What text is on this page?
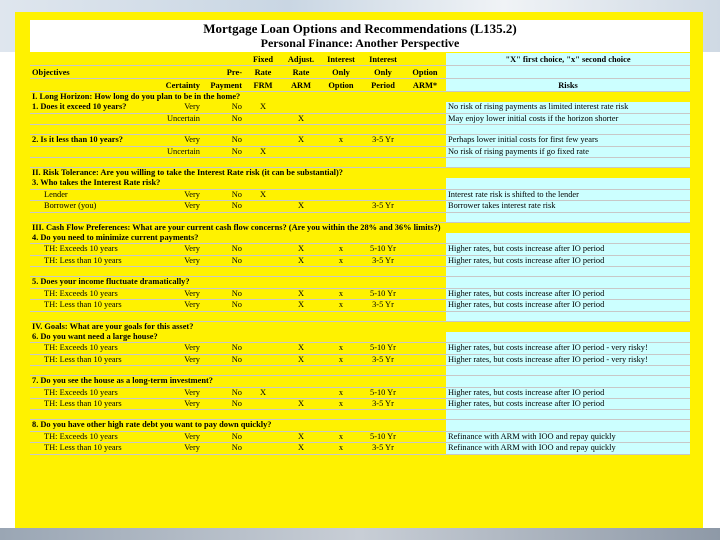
Mortgage Loan Options and Recommendations (L135.2)
Personal Finance: Another Perspective
			Fixed	Adjust.	Interest	Interest		"X" first choice, "x" second choice
Objectives		Pre-	Rate	Rate	Only	Only	Option	
	Certainty	Payment	FRM	ARM	Option	Period	ARM*	Risks
I. Long Horizon: How long do you plan to be in the home?								
1. Does it exceed 10 years?	Very	No	X					No risk of rising payments as limited interest rate risk
	Uncertain	No		X				May enjoy lower initial costs if the horizon shorter

2. Is it less than 10 years?	Very	No		X	x	3-5 Yr		Perhaps lower initial costs for first few years
	Uncertain	No	X					No risk of rising payments if go fixed rate

II. Risk Tolerance: Are you willing to take the Interest Rate risk (it can be substantial)?								
3. Who takes the Interest Rate risk?								
Lender	Very	No	X					Interest rate risk is shifted to the lender
Borrower (you)	Very	No		X		3-5 Yr		Borrower takes interest rate risk

III. Cash Flow Preferences: What are your current cash flow concerns? (Are you within the 28% and 36% limits?)								
4. Do you need to minimize current payments?								
TH: Exceeds 10 years	Very	No		X	x	5-10 Yr		Higher rates, but costs increase after IO period
TH: Less than 10 years	Very	No		X	x	3-5 Yr		Higher rates, but costs increase after IO period

5. Does your income fluctuate dramatically?								
TH: Exceeds 10 years	Very	No		X	x	5-10 Yr		Higher rates, but costs increase after IO period
TH: Less than 10 years	Very	No		X	x	3-5 Yr		Higher rates, but costs increase after IO period

IV. Goals: What are your goals for this asset?								
6. Do you want need a large house?								
TH: Exceeds 10 years	Very	No		X	x	5-10 Yr		Higher rates, but costs increase after IO period - very risky!
TH: Less than 10 years	Very	No		X	x	3-5 Yr		Higher rates, but costs increase after IO period - very risky!

7. Do you see the house as a long-term investment?								
TH: Exceeds 10 years	Very	No	X		x	5-10 Yr		Higher rates, but costs increase after IO period
TH: Less than 10 years	Very	No		X	x	3-5 Yr		Higher rates, but costs increase after IO period

8. Do you have other high rate debt you want to pay down quickly?								
TH: Exceeds 10 years	Very	No		X	x	5-10 Yr		Refinance with ARM with IOO and repay quickly
TH: Less than 10 years	Very	No		X	x	3-5 Yr		Refinance with ARM with IOO and repay quickly
